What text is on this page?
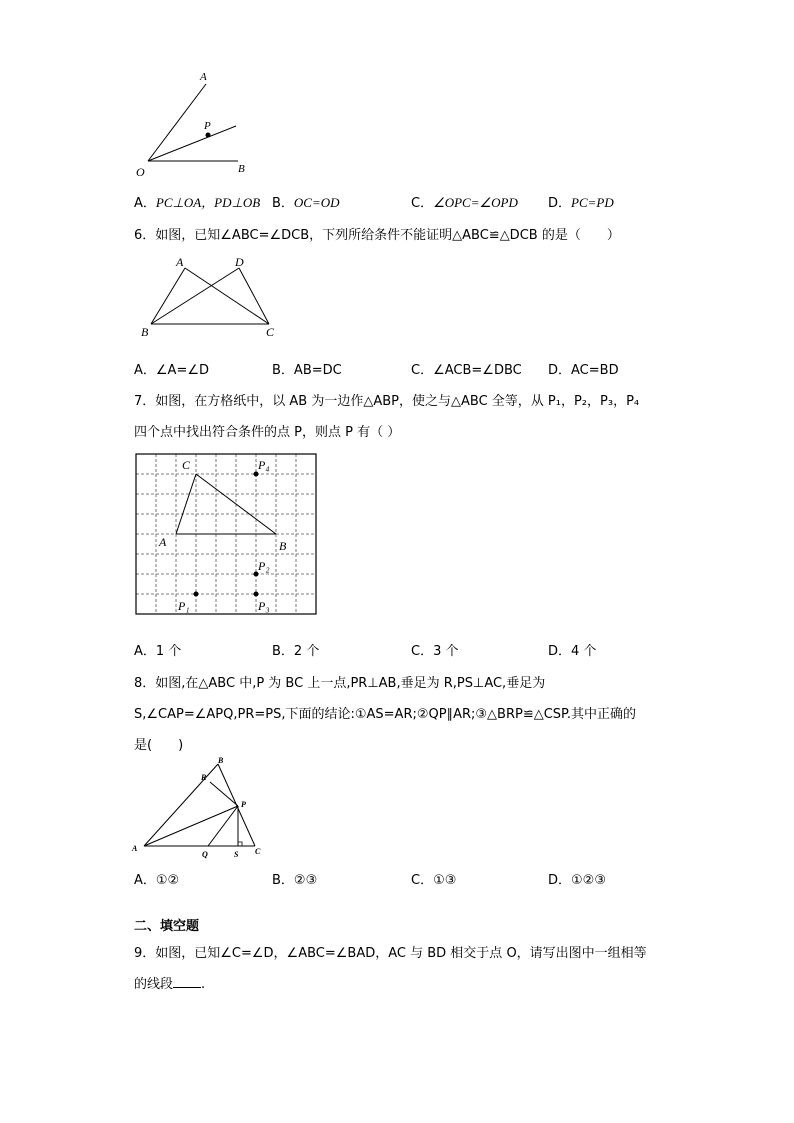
A
P
O	B
A．PC⊥OA，PD⊥OB B．OC=OD	C．∠OPC=∠OPD D．PC=PD
6．如图，已知∠ABC=∠DCB，下列所给条件不能证明△ABC≌△DCB 的是（　　）
A	D
B	C
A．∠A=∠D	B．AB=DC	C．∠ACB=∠DBC D．AC=BD
7．如图，在方格纸中，以 AB 为一边作△ABP，使之与△ABC 全等，从 P₁，P₂，P₃，P₄
四个点中找出符合条件的点 P，则点 P 有（ ）
C	P₄
A	B
P₂
P₁	P₃
A．1 个	B．2 个	C．3 个	D．4 个
8．如图,在△ABC 中,P 为 BC 上一点,PR⊥AB,垂足为 R,PS⊥AC,垂足为
S,∠CAP=∠APQ,PR=PS,下面的结论:①AS=AR;②QP∥AR;③△BRP≌△CSP.其中正确的
是(　　)
B
R
P
A
Q	S C
A．①②	B．②③	C．①③	D．①②③
二、填空题
9．如图，已知∠C=∠D，∠ABC=∠BAD，AC 与 BD 相交于点 O，请写出图中一组相等
的线段 .
